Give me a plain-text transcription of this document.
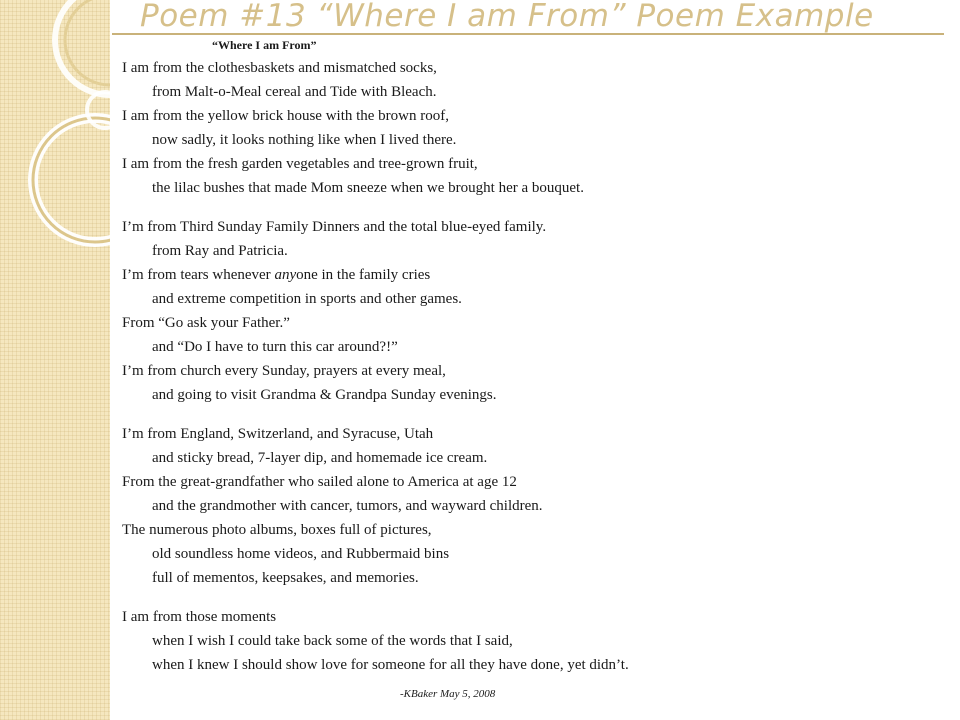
Poem #13 “Where I am From” Poem Example
“Where I am From”
I am from the clothesbaskets and mismatched socks,
from Malt-o-Meal cereal and Tide with Bleach.
I am from the yellow brick house with the brown roof,
now sadly, it looks nothing like when I lived there.
I am from the fresh garden vegetables and tree-grown fruit,
the lilac bushes that made Mom sneeze when we brought her a bouquet.
I’m from Third Sunday Family Dinners and the total blue-eyed family.
from Ray and Patricia.
I’m from tears whenever anyone in the family cries
and extreme competition in sports and other games.
From “Go ask your Father.”
and “Do I have to turn this car around?!”
I’m from church every Sunday, prayers at every meal,
and going to visit Grandma & Grandpa Sunday evenings.
I’m from England, Switzerland, and Syracuse, Utah
and sticky bread, 7-layer dip, and homemade ice cream.
From the great-grandfather who sailed alone to America at age 12
and the grandmother with cancer, tumors, and wayward children.
The numerous photo albums, boxes full of pictures,
old soundless home videos, and Rubbermaid bins
full of mementos, keepsakes, and memories.
I am from those moments
when I wish I could take back some of the words that I said,
when I knew I should show love for someone for all they have done, yet didn’t.
-KBaker May 5, 2008
